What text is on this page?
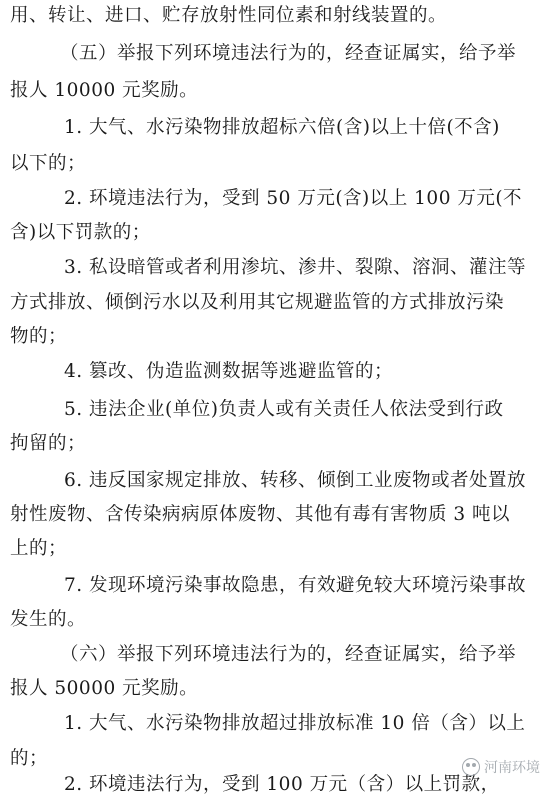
用、转让、进口、贮存放射性同位素和射线装置的。
（五）举报下列环境违法行为的，经查证属实，给予举
报人 10000 元奖励。
1. 大气、水污染物排放超标六倍(含)以上十倍(不含)
以下的；
2. 环境违法行为，受到 50 万元(含)以上 100 万元(不
含)以下罚款的；
3. 私设暗管或者利用渗坑、渗井、裂隙、溶洞、灌注等
方式排放、倾倒污水以及利用其它规避监管的方式排放污染
物的；
4. 篡改、伪造监测数据等逃避监管的；
5. 违法企业(单位)负责人或有关责任人依法受到行政
拘留的；
6. 违反国家规定排放、转移、倾倒工业废物或者处置放
射性废物、含传染病病原体废物、其他有毒有害物质 3 吨以
上的；
7. 发现环境污染事故隐患，有效避免较大环境污染事故
发生的。
（六）举报下列环境违法行为的，经查证属实，给予举
报人 50000 元奖励。
1. 大气、水污染物排放超过排放标准 10 倍（含）以上
的；
2. 环境违法行为，受到 100 万元（含）以上罚款，
河南环境
